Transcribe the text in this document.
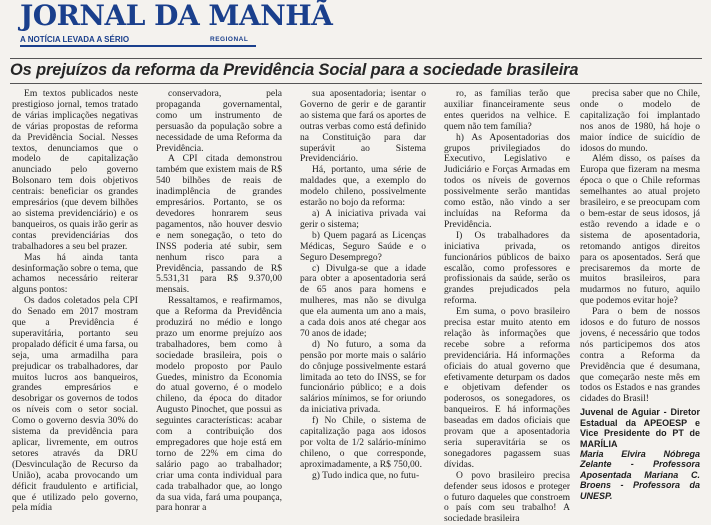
JORNAL DA MANHÃ
A NOTÍCIA LEVADA A SÉRIO	REGIONAL
Os prejuízos da reforma da Previdência Social para a sociedade brasileira

Em textos publicados neste prestigioso jornal, temos tratado de várias implicações negativas de várias propostas de reforma da Previdência Social. Nesses textos, denunciamos que o modelo de capitalização anunciado pelo governo Bolsonaro tem dois objetivos centrais: beneficiar os grandes empresários (que devem bilhões ao sistema previdenciário) e os banqueiros, os quais irão gerir as contas previdenciárias dos trabalhadores a seu bel prazer.

Mas há ainda tanta desinformação sobre o tema, que achamos necessário reiterar alguns pontos:

Os dados coletados pela CPI do Senado em 2017 mostram que a Previdência é superavitária, portanto seu propalado déficit é uma farsa, ou seja, uma armadilha para prejudicar os trabalhadores, dar muitos lucros aos banqueiros, grandes empresários e desobrigar os governos de todos os níveis com o setor social. Como o governo desvia 30% do sistema da previdência para aplicar, livremente, em outros setores através da DRU (Desvinculação de Recurso da União), acaba provocando um déficit fraudulento e artificial, que é utilizado pelo governo, pela mídia

conservadora, pela propaganda governamental, como um instrumento de persuasão da população sobre a necessidade de uma Reforma da Previdência.

A CPI citada demonstrou também que existem mais de R$ 540 bilhões de reais de inadimplência de grandes empresários. Portanto, se os devedores honrarem seus pagamentos, não houver desvio e nem sonegação, o teto do INSS poderia até subir, sem nenhum risco para a Previdência, passando de R$ 5.531,31 para R$ 9.370,00 mensais.

Ressaltamos, e reafirmamos, que a Reforma da Previdência produzirá no médio e longo prazo um enorme prejuízo aos trabalhadores, bem como à sociedade brasileira, pois o modelo proposto por Paulo Guedes, ministro da Economia do atual governo, é o modelo chileno, da época do ditador Augusto Pinochet, que possui as seguintes características: acabar com a contribuição dos empregadores que hoje está em torno de 22% em cima do salário pago ao trabalhador; criar uma conta individual para cada trabalhador que, ao longo da sua vida, fará uma poupança, para honrar a

sua aposentadoria; isentar o Governo de gerir e de garantir ao sistema que fará os aportes de outras verbas como está definido na Constituição para dar superávit ao Sistema Previdenciário.

Há, portanto, uma série de maldades que, a exemplo do modelo chileno, possivelmente estarão no bojo da reforma:

a) A iniciativa privada vai gerir o sistema;

b) Quem pagará as Licenças Médicas, Seguro Saúde e o Seguro Desemprego?

c) Divulga-se que a idade para obter a aposentadoria será de 65 anos para homens e mulheres, mas não se divulga que ela aumenta um ano a mais, a cada dois anos até chegar aos 70 anos de idade;

d) No futuro, a soma da pensão por morte mais o salário do cônjuge possivelmente estará limitada ao teto do INSS, se for funcionário público; e a dois salários mínimos, se for oriundo da iniciativa privada.

f) No Chile, o sistema de capitalização paga aos idosos por volta de 1/2 salário-mínimo chileno, o que corresponde, aproximadamente, a R$ 750,00.

g) Tudo indica que, no futu-

ro, as famílias terão que auxiliar financeiramente seus entes queridos na velhice. E quem não tem família?

h) As Aposentadorias dos grupos privilegiados do Executivo, Legislativo e Judiciário e Forças Armadas em todos os níveis de governos possivelmente serão mantidas como estão, não vindo a ser incluídas na Reforma da Previdência.

I) Os trabalhadores da iniciativa privada, os funcionários públicos de baixo escalão, como professores e profissionais da saúde, serão os grandes prejudicados pela reforma.

Em suma, o povo brasileiro precisa estar muito atento em relação às informações que recebe sobre a reforma previdenciária. Há informações oficiais do atual governo que efetivamente deturpam os dados e objetivam defender os poderosos, os sonegadores, os banqueiros. E há informações baseadas em dados oficiais que provam que a aposentadoria seria superavitária se os sonegadores pagassem suas dívidas.

O povo brasileiro precisa defender seus idosos e proteger o futuro daqueles que constroem o país com seu trabalho! A sociedade brasileira

precisa saber que no Chile, onde o modelo de capitalização foi implantado nos anos de 1980, há hoje o maior índice de suicídio de idosos do mundo.

Além disso, os países da Europa que fizeram na mesma época o que o Chile reformas semelhantes ao atual projeto brasileiro, e se preocupam com o bem-estar de seus idosos, já estão revendo a idade e o sistema de aposentadoria, retomando antigos direitos para os aposentados. Será que precisaremos da morte de muitos brasileiros, para mudarmos no futuro, aquilo que podemos evitar hoje?

Para o bem de nossos idosos e do futuro de nossos jovens, é necessário que todos nós participemos dos atos contra a Reforma da Previdência que é desumana, que começarão neste mês em todos os Estados e nas grandes cidades do Brasil!

Juvenal de Aguiar - Diretor Estadual da APEOESP e Vice Presidente do PT de MARÍLIA

Maria Elvira Nóbrega Zelante - Professora Aposentada Mariana C. Broens - Professora da UNESP.
